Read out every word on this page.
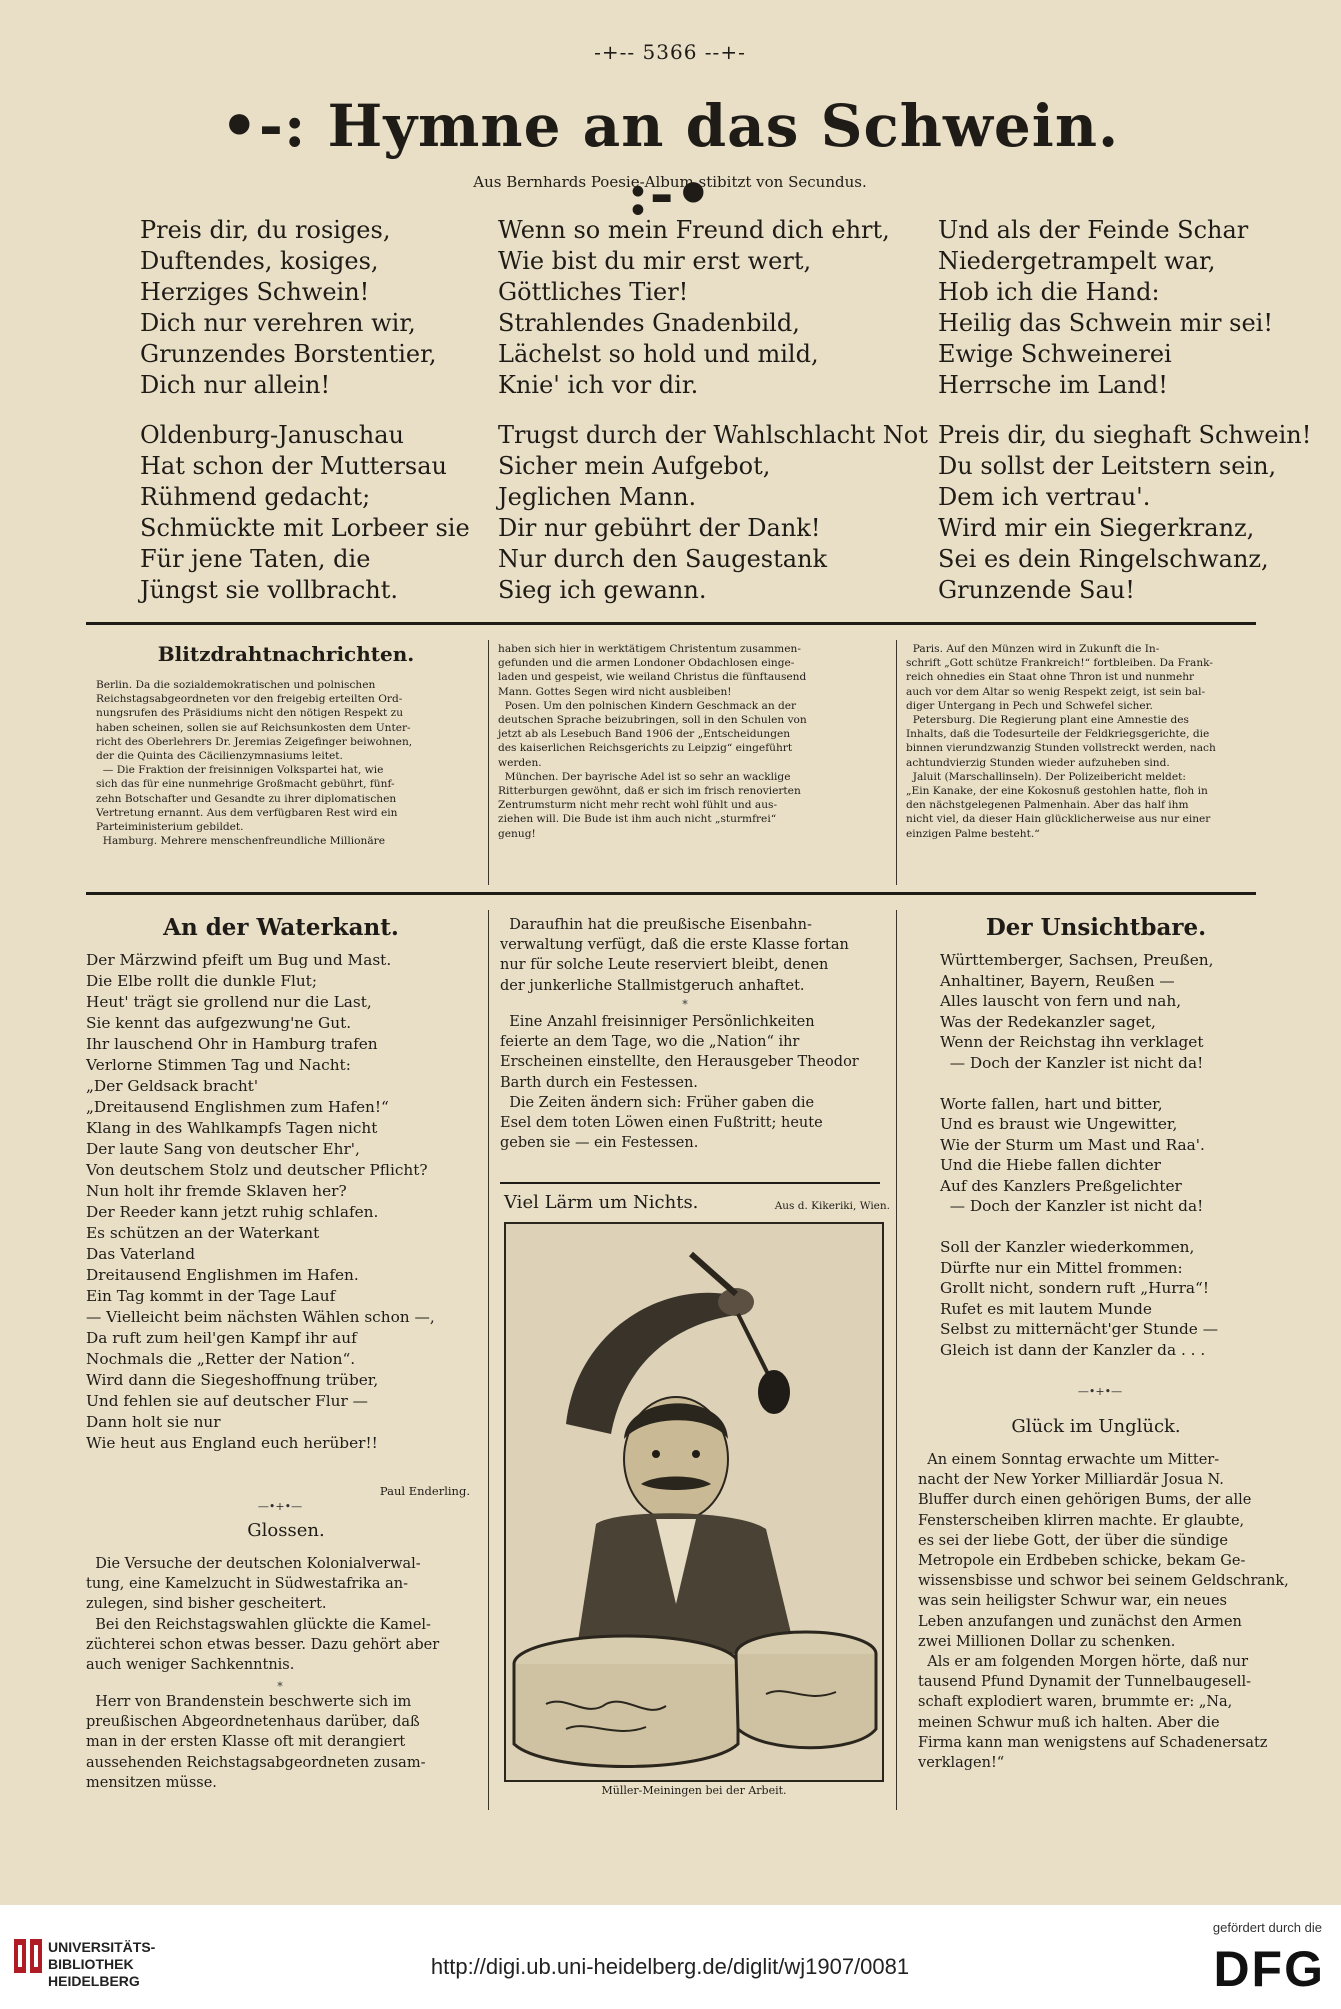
-+-- 5366 --+-
•-: Hymne an das Schwein. :-•
Aus Bernhards Poesie-Album stibitzt von Secundus.
Preis dir, du rosiges,
Duftendes, kosiges,
Herziges Schwein!
Dich nur verehren wir,
Grunzendes Borstentier,
Dich nur allein!
Oldenburg-Januschau
Hat schon der Muttersau
Rühmend gedacht;
Schmückte mit Lorbeer sie
Für jene Taten, die
Jüngst sie vollbracht.
Wenn so mein Freund dich ehrt,
Wie bist du mir erst wert,
Göttliches Tier!
Strahlendes Gnadenbild,
Lächelst so hold und mild,
Knie' ich vor dir.
Trugst durch der Wahlschlacht Not
Sicher mein Aufgebot,
Jeglichen Mann.
Dir nur gebührt der Dank!
Nur durch den Saugestank
Sieg ich gewann.
Und als der Feinde Schar
Niedergetrampelt war,
Hob ich die Hand:
Heilig das Schwein mir sei!
Ewige Schweinerei
Herrsche im Land!
Preis dir, du sieghaft Schwein!
Du sollst der Leitstern sein,
Dem ich vertrau'.
Wird mir ein Siegerkranz,
Sei es dein Ringelschwanz,
Grunzende Sau!
Blitzdrahtnachrichten.
Berlin. Da die sozialdemokratischen und polnischen
Reichstagsabgeordneten vor den freigebig erteilten Ord-
nungsrufen des Präsidiums nicht den nötigen Respekt zu
haben scheinen, sollen sie auf Reichsunkosten dem Unter-
richt des Oberlehrers Dr. Jeremias Zeigefinger beiwohnen,
der die Quinta des Cäcilienzymnasiums leitet.
— Die Fraktion der freisinnigen Volkspartei hat, wie
sich das für eine nunmehrige Großmacht gebührt, fünf-
zehn Botschafter und Gesandte zu ihrer diplomatischen
Vertretung ernannt. Aus dem verfügbaren Rest wird ein
Parteiministerium gebildet.
Hamburg. Mehrere menschenfreundliche Millionäre
haben sich hier in werktätigem Christentum zusammen-
gefunden und die armen Londoner Obdachlosen einge-
laden und gespeist, wie weiland Christus die fünftausend
Mann. Gottes Segen wird nicht ausbleiben!
Posen. Um den polnischen Kindern Geschmack an der
deutschen Sprache beizubringen, soll in den Schulen von
jetzt ab als Lesebuch Band 1906 der „Entscheidungen
des kaiserlichen Reichsgerichts zu Leipzig“ eingeführt
werden.
München. Der bayrische Adel ist so sehr an wacklige
Ritterburgen gewöhnt, daß er sich im frisch renovierten
Zentrumsturm nicht mehr recht wohl fühlt und aus-
ziehen will. Die Bude ist ihm auch nicht „sturmfrei“
genug!
Paris. Auf den Münzen wird in Zukunft die In-
schrift „Gott schütze Frankreich!“ fortbleiben. Da Frank-
reich ohnedies ein Staat ohne Thron ist und nunmehr
auch vor dem Altar so wenig Respekt zeigt, ist sein bal-
diger Untergang in Pech und Schwefel sicher.
Petersburg. Die Regierung plant eine Amnestie des
Inhalts, daß die Todesurteile der Feldkriegsgerichte, die
binnen vierundzwanzig Stunden vollstreckt werden, nach
achtundvierzig Stunden wieder aufzuheben sind.
Jaluit (Marschallinseln). Der Polizeibericht meldet:
„Ein Kanake, der eine Kokosnuß gestohlen hatte, floh in
den nächstgelegenen Palmenhain. Aber das half ihm
nicht viel, da dieser Hain glücklicherweise aus nur einer
einzigen Palme besteht.“
An der Waterkant.
Der Märzwind pfeift um Bug und Mast.
Die Elbe rollt die dunkle Flut;
Heut' trägt sie grollend nur die Last,
Sie kennt das aufgezwung'ne Gut.
Ihr lauschend Ohr in Hamburg trafen
Verlorne Stimmen Tag und Nacht:
„Der Geldsack bracht'
„Dreitausend Englishmen zum Hafen!“
Klang in des Wahlkampfs Tagen nicht
Der laute Sang von deutscher Ehr',
Von deutschem Stolz und deutscher Pflicht?
Nun holt ihr fremde Sklaven her?
Der Reeder kann jetzt ruhig schlafen.
Es schützen an der Waterkant
Das Vaterland
Dreitausend Englishmen im Hafen.
Ein Tag kommt in der Tage Lauf
— Vielleicht beim nächsten Wählen schon —,
Da ruft zum heil'gen Kampf ihr auf
Nochmals die „Retter der Nation“.
Wird dann die Siegeshoffnung trüber,
Und fehlen sie auf deutscher Flur —
Dann holt sie nur
Wie heut aus England euch herüber!!
Paul Enderling.
—•+•—
Glossen.
Die Versuche der deutschen Kolonialverwal-
tung, eine Kamelzucht in Südwestafrika an-
zulegen, sind bisher gescheitert.
Bei den Reichstagswahlen glückte die Kamel-
züchterei schon etwas besser. Dazu gehört aber
auch weniger Sachkenntnis.
*
Herr von Brandenstein beschwerte sich im
preußischen Abgeordnetenhaus darüber, daß
man in der ersten Klasse oft mit derangiert
aussehenden Reichstagsabgeordneten zusam-
mensitzen müsse.
Daraufhin hat die preußische Eisenbahn-
verwaltung verfügt, daß die erste Klasse fortan
nur für solche Leute reserviert bleibt, denen
der junkerliche Stallmistgeruch anhaftet.
*
Eine Anzahl freisinniger Persönlichkeiten
feierte an dem Tage, wo die „Nation“ ihr
Erscheinen einstellte, den Herausgeber Theodor
Barth durch ein Festessen.
Die Zeiten ändern sich: Früher gaben die
Esel dem toten Löwen einen Fußtritt; heute
geben sie — ein Festessen.
Viel Lärm um Nichts.	Aus d. Kikeriki, Wien.
Müller-Meiningen bei der Arbeit.
Der Unsichtbare.
Württemberger, Sachsen, Preußen,
Anhaltiner, Bayern, Reußen —
Alles lauscht von fern und nah,
Was der Redekanzler saget,
Wenn der Reichstag ihn verklaget
— Doch der Kanzler ist nicht da!

Worte fallen, hart und bitter,
Und es braust wie Ungewitter,
Wie der Sturm um Mast und Raa'.
Und die Hiebe fallen dichter
Auf des Kanzlers Preßgelichter
— Doch der Kanzler ist nicht da!

Soll der Kanzler wiederkommen,
Dürfte nur ein Mittel frommen:
Grollt nicht, sondern ruft „Hurra“!
Rufet es mit lautem Munde
Selbst zu mitternächt'ger Stunde —
Gleich ist dann der Kanzler da . . .
—•+•—
Glück im Unglück.
An einem Sonntag erwachte um Mitter-
nacht der New Yorker Milliardär Josua N.
Bluffer durch einen gehörigen Bums, der alle
Fensterscheiben klirren machte. Er glaubte,
es sei der liebe Gott, der über die sündige
Metropole ein Erdbeben schicke, bekam Ge-
wissensbisse und schwor bei seinem Geldschrank,
was sein heiligster Schwur war, ein neues
Leben anzufangen und zunächst den Armen
zwei Millionen Dollar zu schenken.
Als er am folgenden Morgen hörte, daß nur
tausend Pfund Dynamit der Tunnelbaugesell-
schaft explodiert waren, brummte er: „Na,
meinen Schwur muß ich halten. Aber die
Firma kann man wenigstens auf Schadenersatz
verklagen!“
UNIVERSITÄTS-
BIBLIOTHEK
HEIDELBERG
http://digi.ub.uni-heidelberg.de/diglit/wj1907/0081
gefördert durch die
DFG
